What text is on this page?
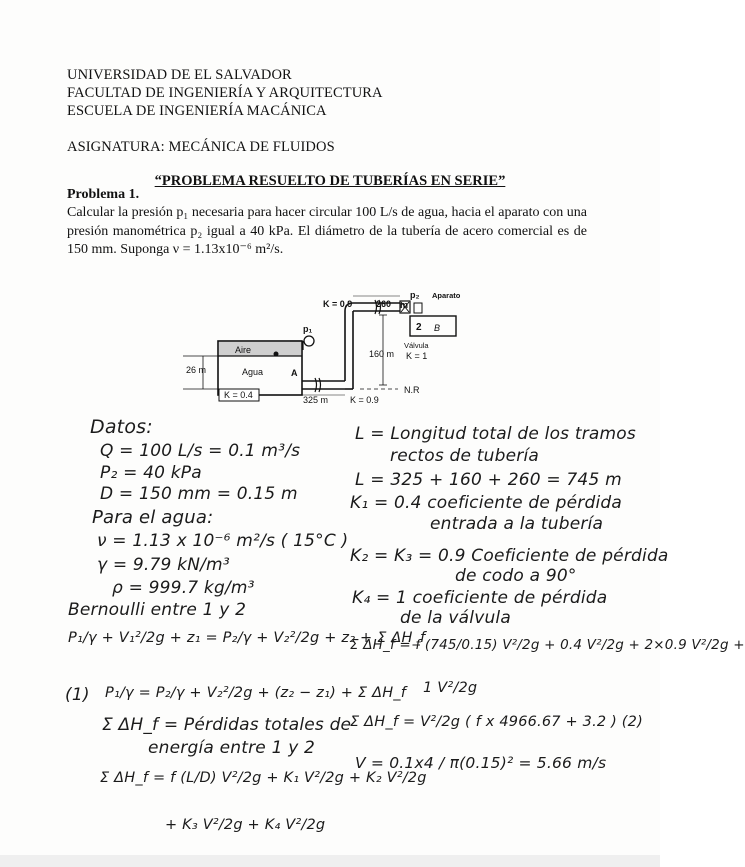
UNIVERSIDAD DE EL SALVADOR
FACULTAD DE INGENIERÍA Y ARQUITECTURA
ESCUELA DE INGENIERÍA MACÁNICA
ASIGNATURA: MECÁNICA DE FLUIDOS
“PROBLEMA RESUELTO DE TUBERÍAS EN SERIE”
Problema 1.
Calcular la presión p₁ necesaria para hacer circular 100 L/s de agua, hacia el aparato con una presión manométrica p₂ igual a 40 kPa. El diámetro de la tubería de acero comercial es de 150 mm. Suponga ν = 1.13x10⁻⁶ m²/s.
K = 0.9	260 m
p₂ Aparato
p₁
Aire
Agua	A
2 B
Válvula
K = 1
160 m
26 m
K = 0.4	325 m K = 0.9
N.R
Datos:
Q = 100 L/s = 0.1 m³/s
P₂ = 40 kPa
D = 150 mm = 0.15 m
Para el agua:
ν = 1.13 x 10⁻⁶ m²/s ( 15°C )
γ = 9.79 kN/m³
ρ = 999.7 kg/m³
Bernoulli entre 1 y 2
P₁/γ + V₁²/2g + z₁ = P₂/γ + V₂²/2g + z₂ + Σ ΔH_f
(1) P₁/γ = P₂/γ + V₂²/2g + (z₂ − z₁) + Σ ΔH_f
Σ ΔH_f = Pérdidas totales de
energía entre 1 y 2
Σ ΔH_f = f (L/D) V²/2g + K₁ V²/2g + K₂ V²/2g
+ K₃ V²/2g + K₄ V²/2g
L = Longitud total de los tramos
rectos de tubería
L = 325 + 160 + 260 = 745 m
K₁ = 0.4 coeficiente de pérdida
entrada a la tubería
K₂ = K₃ = 0.9 Coeficiente de pérdida
de codo a 90°
K₄ = 1 coeficiente de pérdida
de la válvula
Σ ΔH_f = f (745/0.15) V²/2g + 0.4 V²/2g + 2×0.9 V²/2g +
1 V²/2g
Σ ΔH_f = V²/2g ( f x 4966.67 + 3.2 ) (2)
V = 0.1x4 / π(0.15)² = 5.66 m/s
